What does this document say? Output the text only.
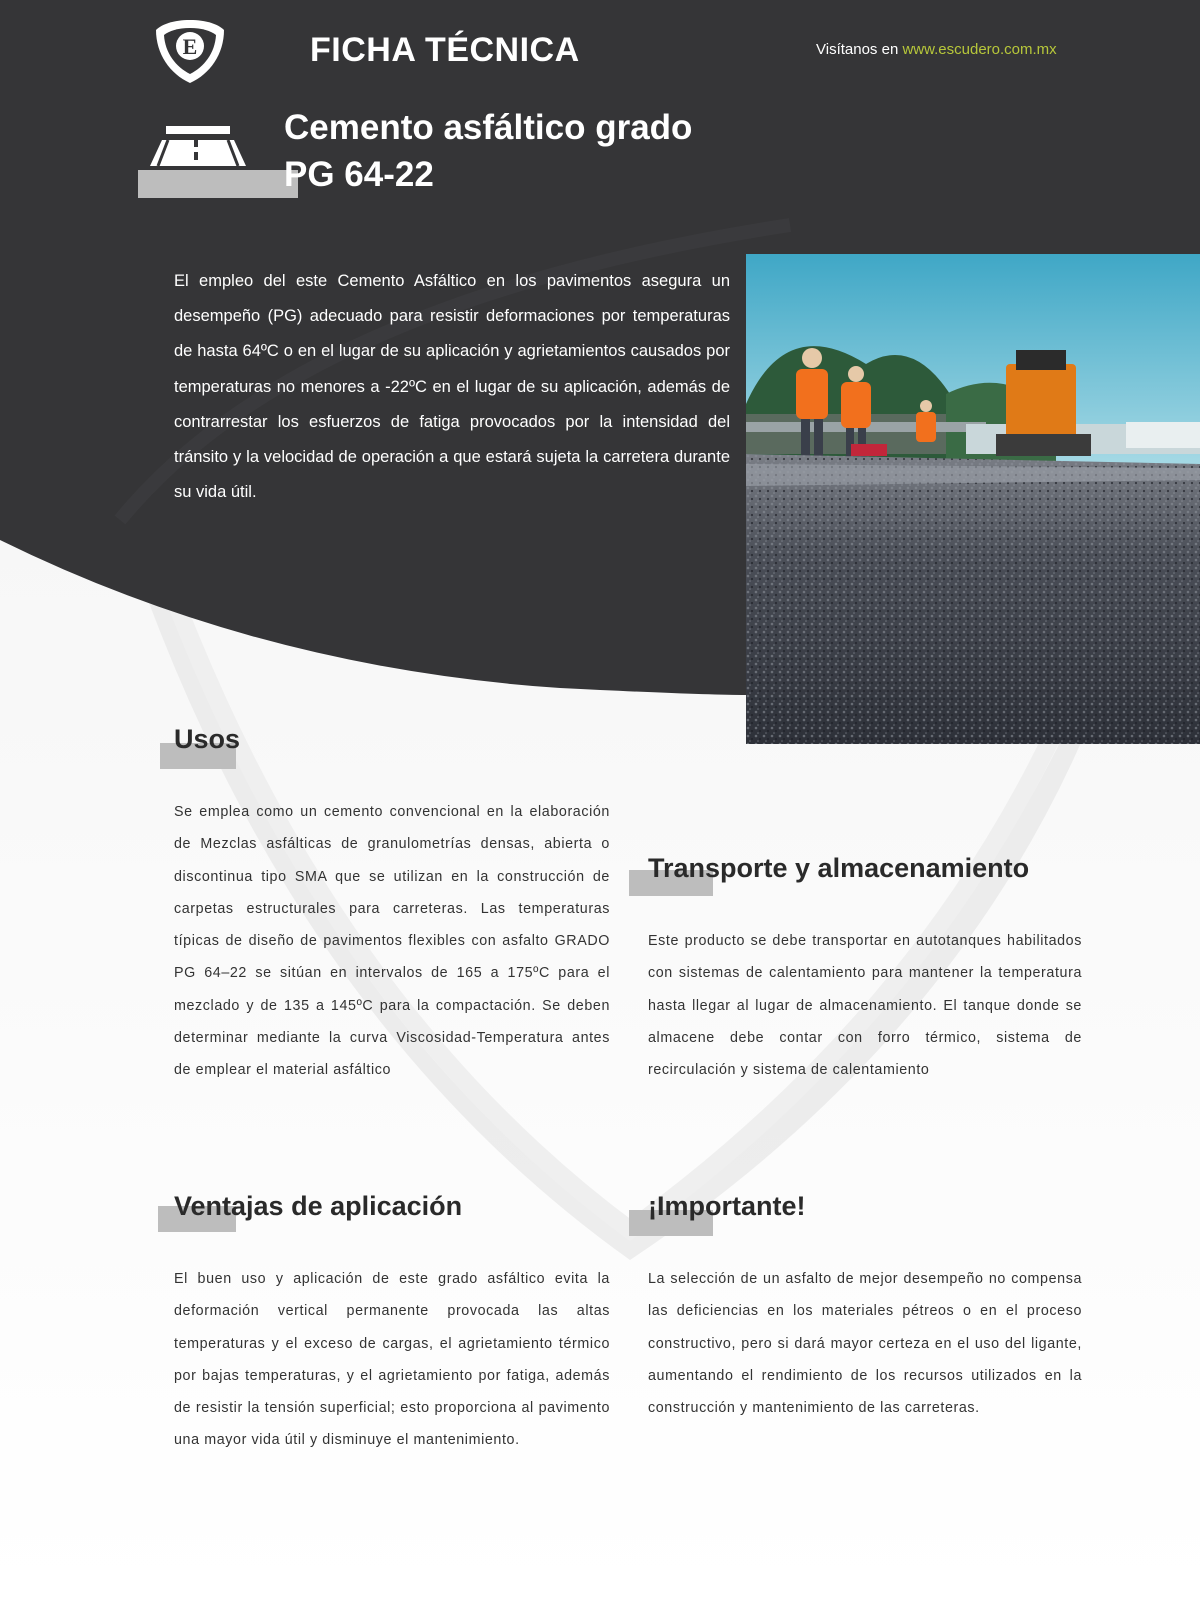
E	FICHA TÉCNICA	Visítanos en www.escudero.com.mx
Cemento asfáltico grado
PG 64-22

El empleo del este Cemento Asfáltico en los pavimentos asegura un desempeño (PG) adecuado para resistir deformaciones por temperaturas de hasta 64ºC o en el lugar de su aplicación y agrietamientos causados por temperaturas no menores a -22ºC en el lugar de su aplicación, además de contrarrestar los esfuerzos de fatiga provocados por la intensidad del tránsito y la velocidad de operación a que estará sujeta la carretera durante su vida útil.

Usos

Se emplea como un cemento convencional en la elaboración de Mezclas asfálticas de granulometrías densas, abierta o discontinua tipo SMA que se utilizan en la construcción de carpetas estructurales para carreteras. Las temperaturas típicas de diseño de pavimentos flexibles con asfalto GRADO PG 64–22 se sitúan en intervalos de 165 a 175ºC para el mezclado y de 135 a 145ºC para la compactación. Se deben determinar mediante la curva Viscosidad-Temperatura antes de emplear el material asfáltico

Transporte y almacenamiento

Este producto se debe transportar en autotanques habilitados con sistemas de calentamiento para mantener la temperatura hasta llegar al lugar de almacenamiento. El tanque donde se almacene debe contar con forro térmico, sistema de recirculación y sistema de calentamiento

Ventajas de aplicación

El buen uso y aplicación de este grado asfáltico evita la deformación vertical permanente provocada las altas temperaturas y el exceso de cargas, el agrietamiento térmico por bajas temperaturas, y el agrietamiento por fatiga, además de resistir la tensión superficial; esto proporciona al pavimento una mayor vida útil y disminuye el mantenimiento.

¡Importante!

La selección de un asfalto de mejor desempeño no compensa las deficiencias en los materiales pétreos o en el proceso constructivo, pero si dará mayor certeza en el uso del ligante, aumentando el rendimiento de los recursos utilizados en la construcción y mantenimiento de las carreteras.
